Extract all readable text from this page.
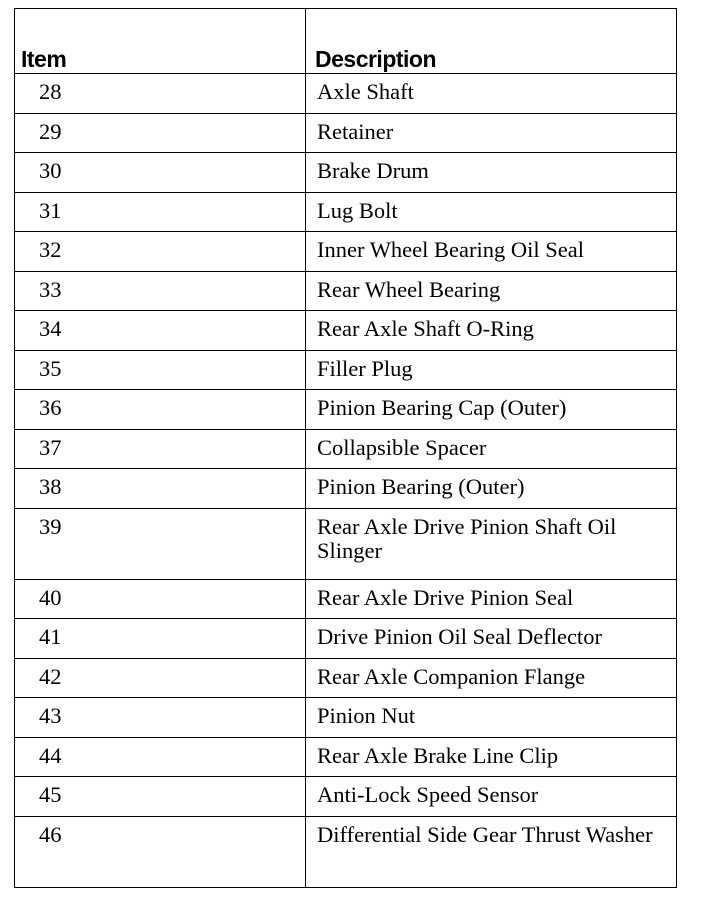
Item	Description
28	Axle Shaft
29	Retainer
30	Brake Drum
31	Lug Bolt
32	Inner Wheel Bearing Oil Seal
33	Rear Wheel Bearing
34	Rear Axle Shaft O-Ring
35	Filler Plug
36	Pinion Bearing Cap (Outer)
37	Collapsible Spacer
38	Pinion Bearing (Outer)
39	Rear Axle Drive Pinion Shaft Oil Slinger
40	Rear Axle Drive Pinion Seal
41	Drive Pinion Oil Seal Deflector
42	Rear Axle Companion Flange
43	Pinion Nut
44	Rear Axle Brake Line Clip
45	Anti-Lock Speed Sensor
46	Differential Side Gear Thrust Washer
